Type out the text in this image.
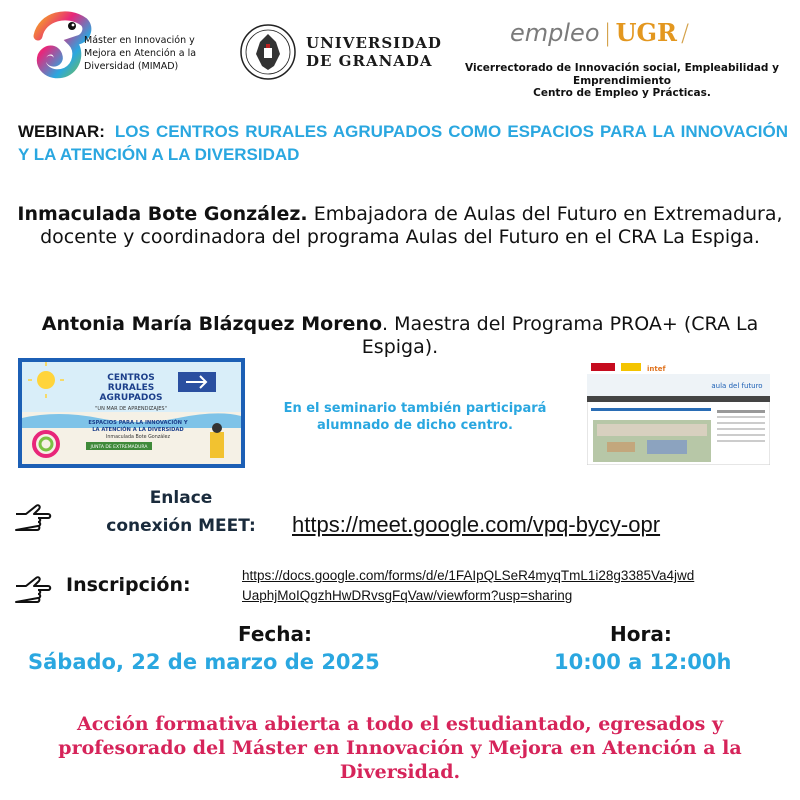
Máster en Innovación y Mejora en Atención a la Diversidad (MIMAD)
UNIVERSIDAD
DE GRANADA
empleo | UGR /
Vicerrectorado de Innovación social, Empleabilidad y Emprendimiento
Centro de Empleo y Prácticas.
WEBINAR: LOS CENTROS RURALES AGRUPADOS COMO ESPACIOS PARA LA INNOVACIÓN Y LA ATENCIÓN A LA DIVERSIDAD
Inmaculada Bote González. Embajadora de Aulas del Futuro en Extremadura, docente y coordinadora del programa Aulas del Futuro en el CRA La Espiga.
Antonia María Blázquez Moreno. Maestra del Programa PROA+ (CRA La Espiga).
CENTROS
RURALES
AGRUPADOS
"UN MAR DE APRENDIZAJES"
ESPACIOS PARA LA INNOVACIÓN Y
LA ATENCIÓN A LA DIVERSIDAD
Inmaculada Bote González
JUNTA DE EXTREMADURA
En el seminario también participará alumnado de dicho centro.
intef
aula del futuro
Enlace
conexión MEET:	https://meet.google.com/vpq-bycy-opr
Inscripción:	https://docs.google.com/forms/d/e/1FAIpQLSeR4myqTmL1i28g3385Va4jwd
UaphjMoIQgzhHwDRvsgFqVaw/viewform?usp=sharing
Fecha:
Sábado, 22 de marzo de 2025
Hora:
10:00 a 12:00h
Acción formativa abierta a todo el estudiantado, egresados y profesorado del Máster en Innovación y Mejora en Atención a la Diversidad.
